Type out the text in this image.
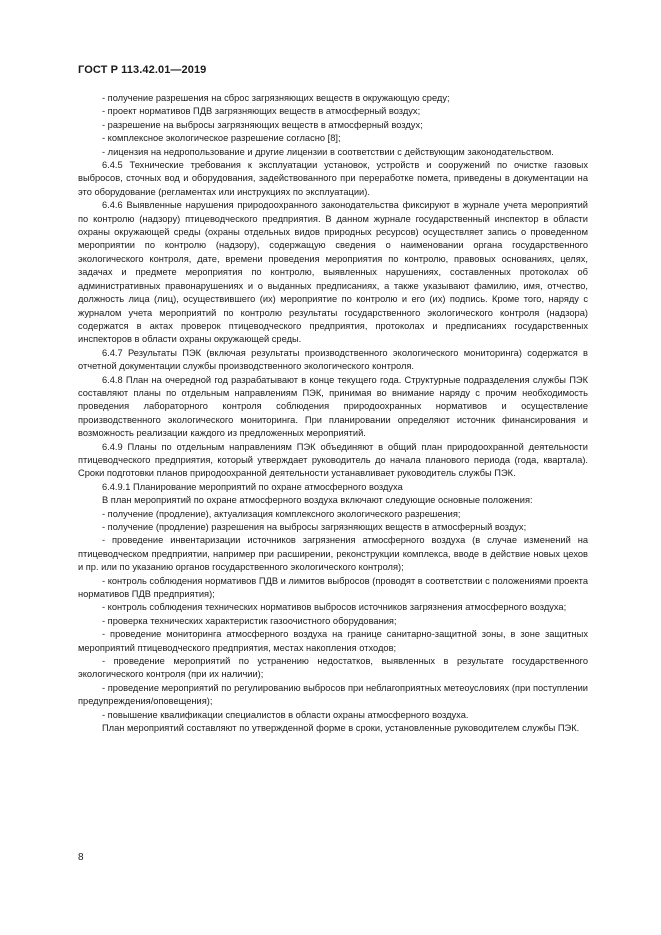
ГОСТ Р 113.42.01—2019

- получение разрешения на сброс загрязняющих веществ в окружающую среду;

- проект нормативов ПДВ загрязняющих веществ в атмосферный воздух;

- разрешение на выбросы загрязняющих веществ в атмосферный воздух;

- комплексное экологическое разрешение согласно [8];

- лицензия на недропользование и другие лицензии в соответствии с действующим законодательством.

6.4.5 Технические требования к эксплуатации установок, устройств и сооружений по очистке газовых выбросов, сточных вод и оборудования, задействованного при переработке помета, приведены в документации на это оборудование (регламентах или инструкциях по эксплуатации).

6.4.6 Выявленные нарушения природоохранного законодательства фиксируют в журнале учета мероприятий по контролю (надзору) птицеводческого предприятия. В данном журнале государственный инспектор в области охраны окружающей среды (охраны отдельных видов природных ресурсов) осуществляет запись о проведенном мероприятии по контролю (надзору), содержащую сведения о наименовании органа государственного экологического контроля, дате, времени проведения мероприятия по контролю, правовых основаниях, целях, задачах и предмете мероприятия по контролю, выявленных нарушениях, составленных протоколах об административных правонарушениях и о выданных предписаниях, а также указывают фамилию, имя, отчество, должность лица (лиц), осуществившего (их) мероприятие по контролю и его (их) подпись. Кроме того, наряду с журналом учета мероприятий по контролю результаты государственного экологического контроля (надзора) содержатся в актах проверок птицеводческого предприятия, протоколах и предписаниях государственных инспекторов в области охраны окружающей среды.

6.4.7 Результаты ПЭК (включая результаты производственного экологического мониторинга) содержатся в отчетной документации службы производственного экологического контроля.

6.4.8 План на очередной год разрабатывают в конце текущего года. Структурные подразделения службы ПЭК составляют планы по отдельным направлениям ПЭК, принимая во внимание наряду с прочим необходимость проведения лабораторного контроля соблюдения природоохранных нормативов и осуществление производственного экологического мониторинга. При планировании определяют источник финансирования и возможность реализации каждого из предложенных мероприятий.

6.4.9 Планы по отдельным направлениям ПЭК объединяют в общий план природоохранной деятельности птицеводческого предприятия, который утверждает руководитель до начала планового периода (года, квартала). Сроки подготовки планов природоохранной деятельности устанавливает руководитель службы ПЭК.

6.4.9.1 Планирование мероприятий по охране атмосферного воздуха

В план мероприятий по охране атмосферного воздуха включают следующие основные положения:

- получение (продление), актуализация комплексного экологического разрешения;

- получение (продление) разрешения на выбросы загрязняющих веществ в атмосферный воздух;

- проведение инвентаризации источников загрязнения атмосферного воздуха (в случае изменений на птицеводческом предприятии, например при расширении, реконструкции комплекса, вводе в действие новых цехов и пр. или по указанию органов государственного экологического контроля);

- контроль соблюдения нормативов ПДВ и лимитов выбросов (проводят в соответствии с положениями проекта нормативов ПДВ предприятия);

- контроль соблюдения технических нормативов выбросов источников загрязнения атмосферного воздуха;

- проверка технических характеристик газоочистного оборудования;

- проведение мониторинга атмосферного воздуха на границе санитарно-защитной зоны, в зоне защитных мероприятий птицеводческого предприятия, местах накопления отходов;

- проведение мероприятий по устранению недостатков, выявленных в результате государственного экологического контроля (при их наличии);

- проведение мероприятий по регулированию выбросов при неблагоприятных метеоусловиях (при поступлении предупреждения/оповещения);

- повышение квалификации специалистов в области охраны атмосферного воздуха.

План мероприятий составляют по утвержденной форме в сроки, установленные руководителем службы ПЭК.

8
